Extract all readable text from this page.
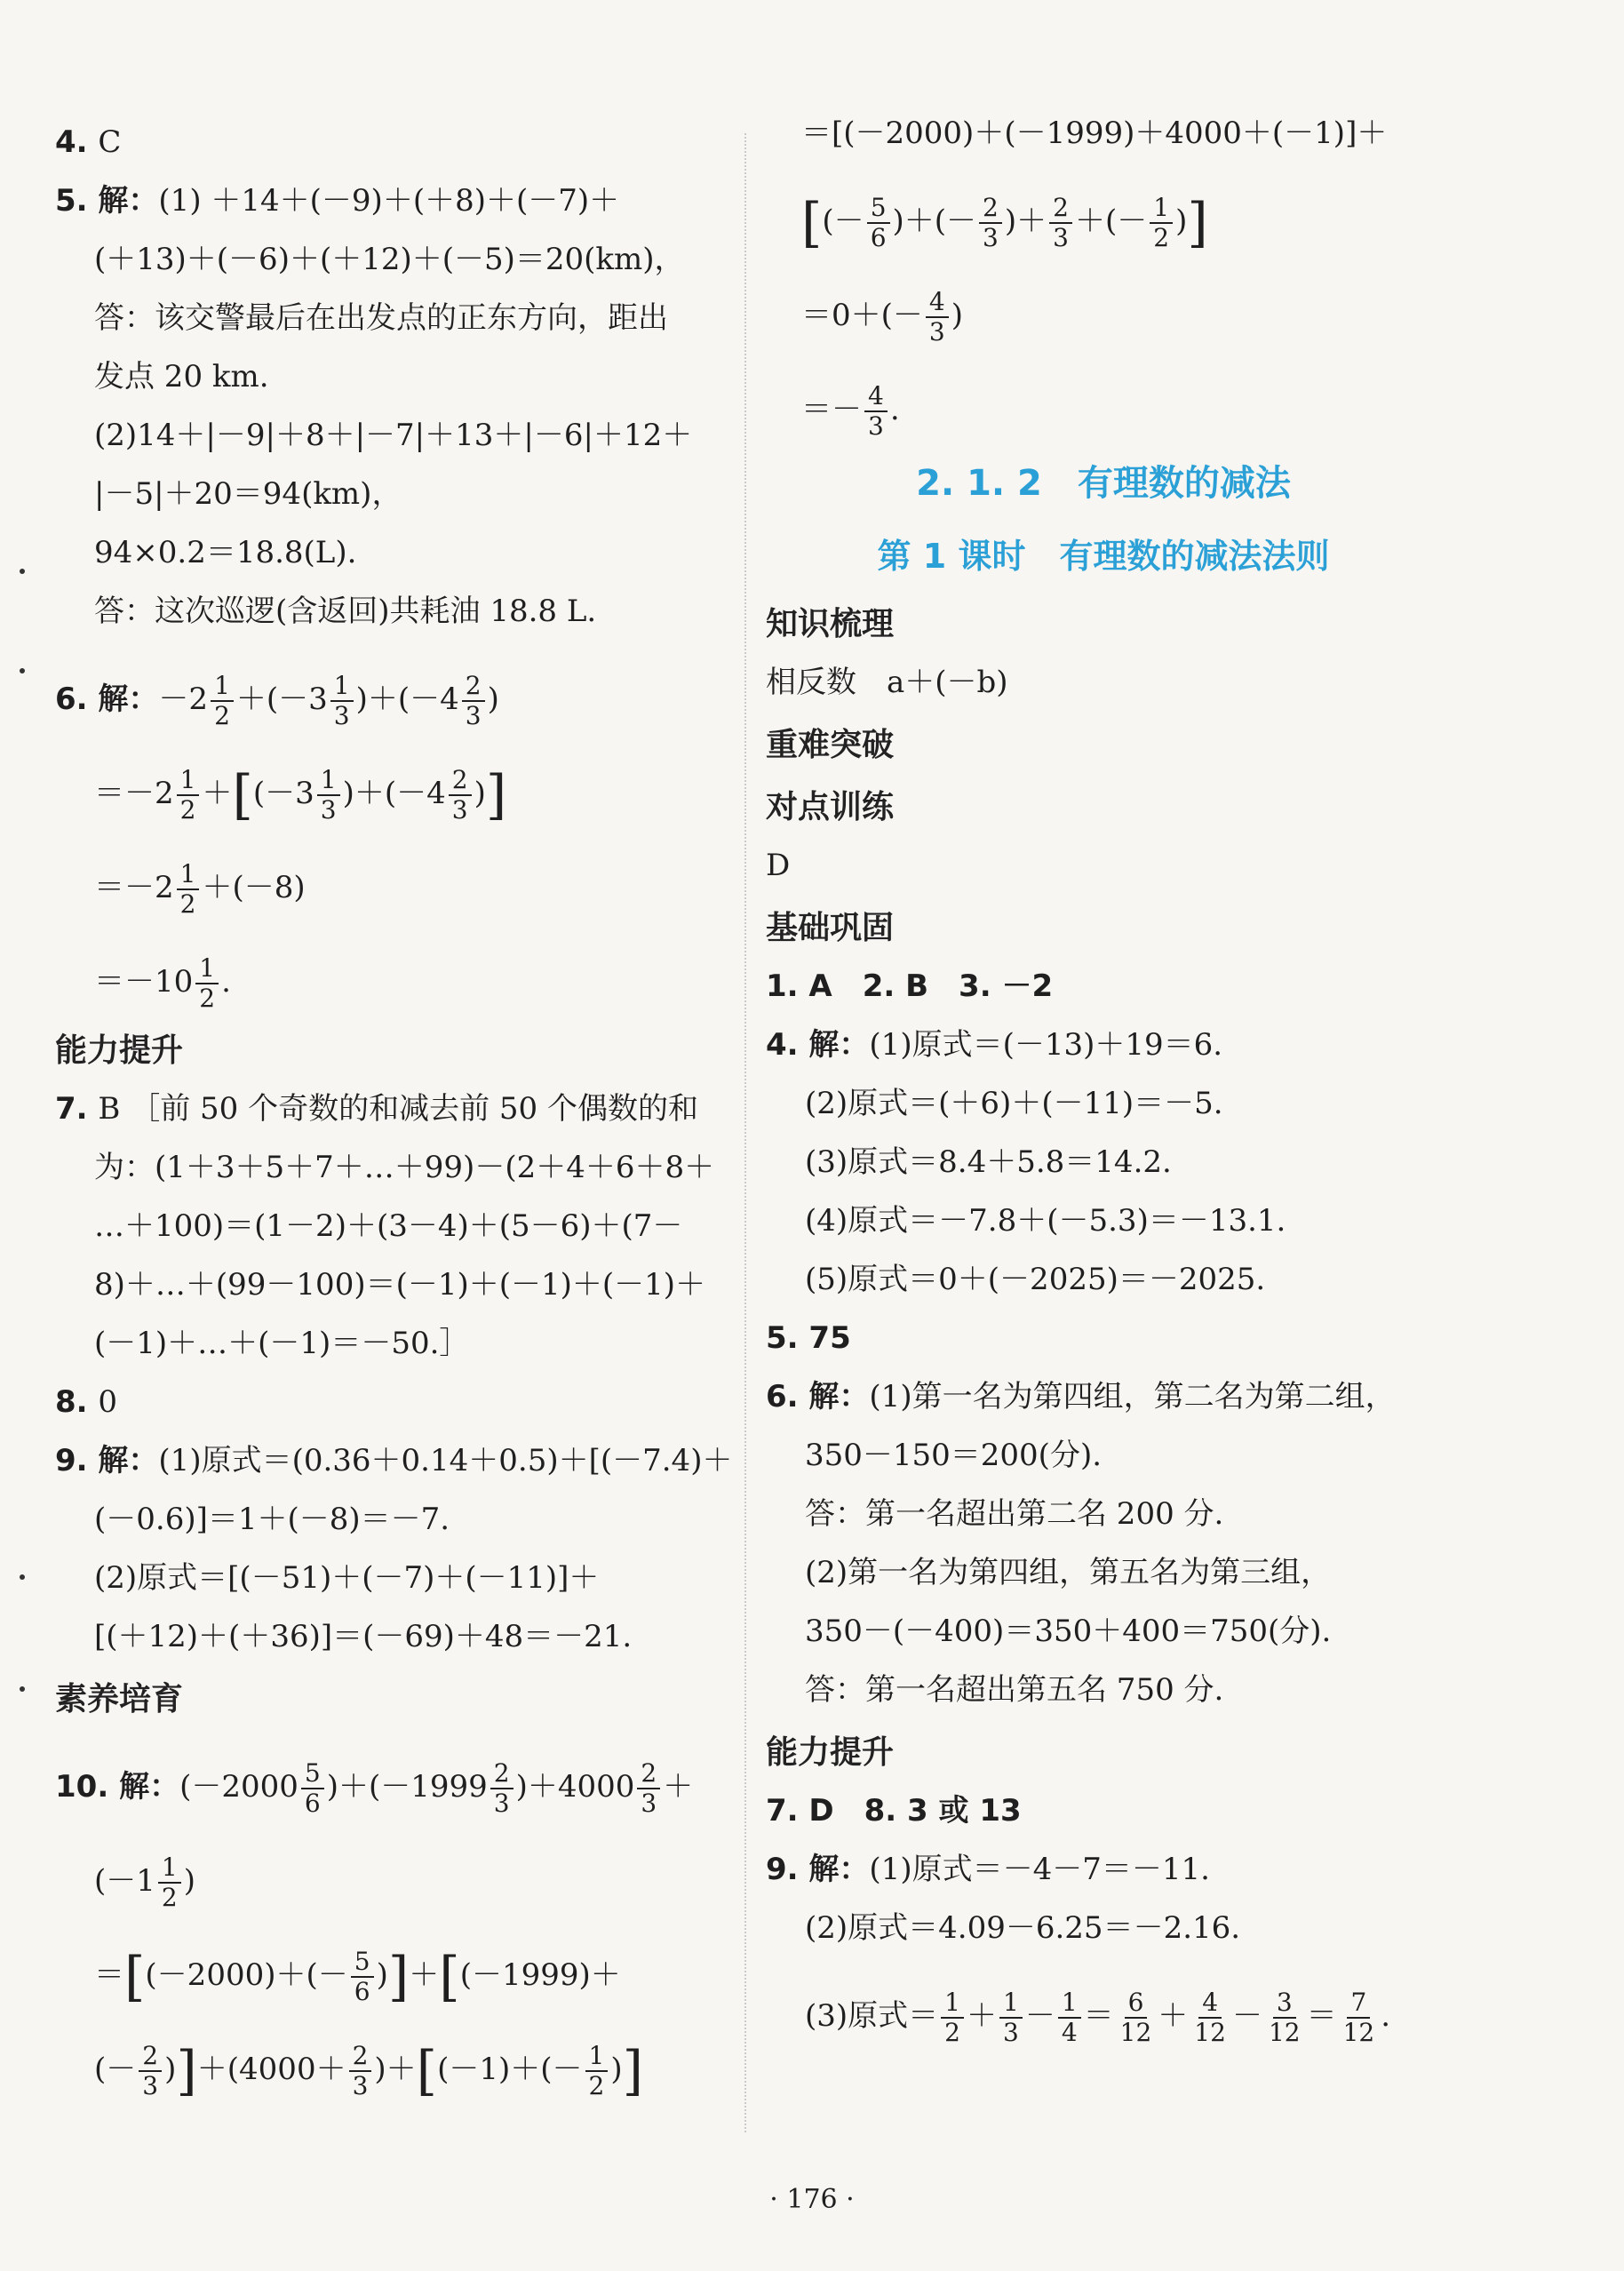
4. C
5. 解：(1) ＋14＋(－9)＋(＋8)＋(－7)＋
(＋13)＋(－6)＋(＋12)＋(－5)＝20(km)，
答：该交警最后在出发点的正东方向，距出
发点 20 km.
(2)14＋|－9|＋8＋|－7|＋13＋|－6|＋12＋
|－5|＋20＝94(km)，
94×0.2＝18.8(L).
答：这次巡逻(含返回)共耗油 18.8 L.
6. 解：$-2 \frac{1}{2} +(-3 \frac{1}{3} )+(-4 \frac{2}{3}$ )
$=-2 \frac{1}{2} +[(-3 \frac{1}{3} )+(-4 \frac{2}{3}$ )]
$=-2 \frac{1}{2} +(-8)$
$=-10 \frac{1}{2}$ .
能力提升
7. B ［前 50 个奇数的和减去前 50 个偶数的和
为：(1＋3＋5＋7＋…＋99)－(2＋4＋6＋8＋
…＋100)＝(1－2)＋(3－4)＋(5－6)＋(7－
8)＋…＋(99－100)＝(－1)＋(－1)＋(－1)＋
(－1)＋…＋(－1)＝－50.］
8. 0
9. 解：(1)原式＝(0.36＋0.14＋0.5)＋[(－7.4)＋
(－0.6)]＝1＋(－8)＝－7.
(2)原式＝[(－51)＋(－7)＋(－11)]＋
[(＋12)＋(＋36)]＝(－69)＋48＝－21.
素养培育
10. 解：$(-2000 \frac{5}{6} )+(-1999 \frac{2}{3} )+4000 \frac{2}{3}$ ＋
($-1 \frac{1}{2}$ )
$=[(-2000)+(- \frac{5}{6} )]+[(-1999)+$
(－ $\frac{2}{3} )]+(4000+ \frac{2}{3} )+[(-1)+(- \frac{1}{2}$ )]
＝[(－2000)＋(－1999)＋4000＋(－1)]＋
[(－ $\frac{5}{6}$ )＋(－ $\frac{2}{3}$ )＋ $\frac{2}{3}$ ＋(－ $\frac{1}{2}$ )]
$=0+(- \frac{4}{3}$ )
＝－ $\frac{4}{3}$ .
2. 1. 2　有理数的减法
第 1 课时　有理数的减法法则
知识梳理
相反数　a＋(－b)
重难突破
对点训练
D
基础巩固
1. A　2. B　3. －2
4. 解：(1)原式＝(－13)＋19＝6.
(2)原式＝(＋6)＋(－11)＝－5.
(3)原式＝8.4＋5.8＝14.2.
(4)原式＝－7.8＋(－5.3)＝－13.1.
(5)原式＝0＋(－2025)＝－2025.
5. 75
6. 解：(1)第一名为第四组，第二名为第二组，
350－150＝200(分).
答：第一名超出第二名 200 分.
(2)第一名为第四组，第五名为第三组，
350－(－400)＝350＋400＝750(分).
答：第一名超出第五名 750 分.
能力提升
7. D　8. 3 或 13
9. 解：(1)原式＝－4－7＝－11.
(2)原式＝4.09－6.25＝－2.16.
(3)原式＝ $\frac{1}{2} + \frac{1}{3} - \frac{1}{4} = \frac{6}{12} + \frac{4}{12} - \frac{3}{12} = \frac{7}{12}$ .
· 176 ·
